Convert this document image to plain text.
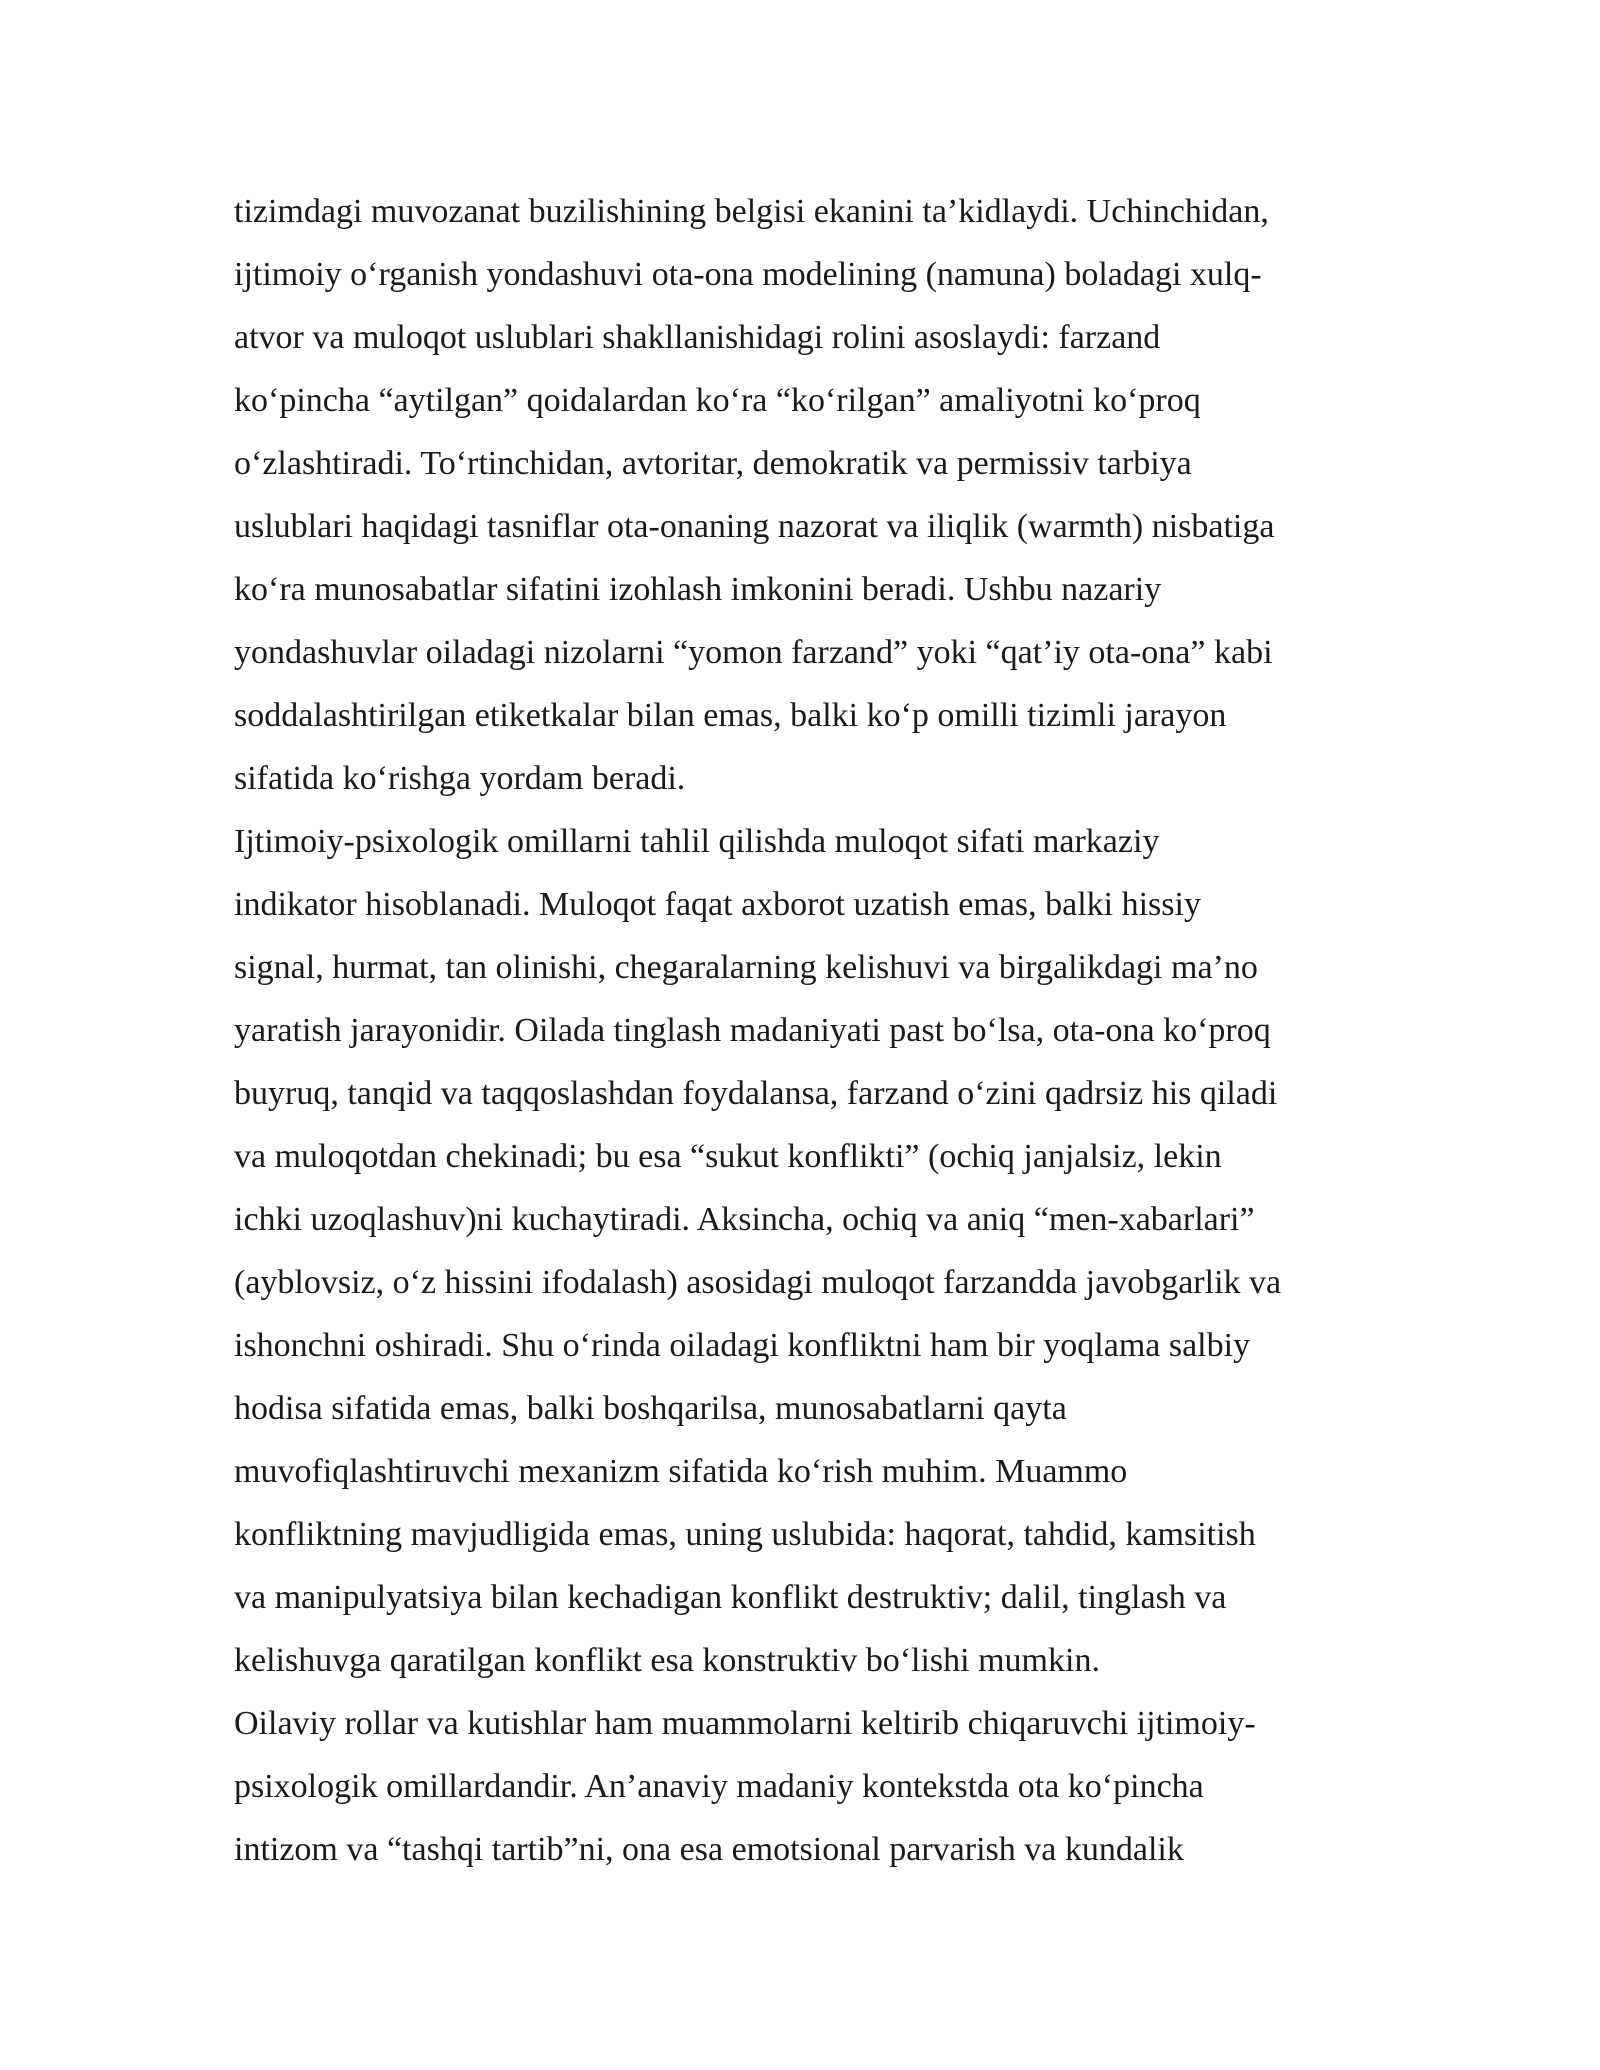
tizimdagi muvozanat buzilishining belgisi ekanini ta’kidlaydi. Uchinchidan,
ijtimoiy o‘rganish yondashuvi ota-ona modelining (namuna) boladagi xulq-
atvor va muloqot uslublari shakllanishidagi rolini asoslaydi: farzand
ko‘pincha “aytilgan” qoidalardan ko‘ra “ko‘rilgan” amaliyotni ko‘proq
o‘zlashtiradi. To‘rtinchidan, avtoritar, demokratik va permissiv tarbiya
uslublari haqidagi tasniflar ota-onaning nazorat va iliqlik (warmth) nisbatiga
ko‘ra munosabatlar sifatini izohlash imkonini beradi. Ushbu nazariy
yondashuvlar oiladagi nizolarni “yomon farzand” yoki “qat’iy ota-ona” kabi
soddalashtirilgan etiketkalar bilan emas, balki ko‘p omilli tizimli jarayon
sifatida ko‘rishga yordam beradi.
Ijtimoiy-psixologik omillarni tahlil qilishda muloqot sifati markaziy
indikator hisoblanadi. Muloqot faqat axborot uzatish emas, balki hissiy
signal, hurmat, tan olinishi, chegaralarning kelishuvi va birgalikdagi ma’no
yaratish jarayonidir. Oilada tinglash madaniyati past bo‘lsa, ota-ona ko‘proq
buyruq, tanqid va taqqoslashdan foydalansa, farzand o‘zini qadrsiz his qiladi
va muloqotdan chekinadi; bu esa “sukut konflikti” (ochiq janjalsiz, lekin
ichki uzoqlashuv)ni kuchaytiradi. Aksincha, ochiq va aniq “men-xabarlari”
(ayblovsiz, o‘z hissini ifodalash) asosidagi muloqot farzandda javobgarlik va
ishonchni oshiradi. Shu o‘rinda oiladagi konfliktni ham bir yoqlama salbiy
hodisa sifatida emas, balki boshqarilsa, munosabatlarni qayta
muvofiqlashtiruvchi mexanizm sifatida ko‘rish muhim. Muammo
konfliktning mavjudligida emas, uning uslubida: haqorat, tahdid, kamsitish
va manipulyatsiya bilan kechadigan konflikt destruktiv; dalil, tinglash va
kelishuvga qaratilgan konflikt esa konstruktiv bo‘lishi mumkin.
Oilaviy rollar va kutishlar ham muammolarni keltirib chiqaruvchi ijtimoiy-
psixologik omillardandir. An’anaviy madaniy kontekstda ota ko‘pincha
intizom va “tashqi tartib”ni, ona esa emotsional parvarish va kundalik
